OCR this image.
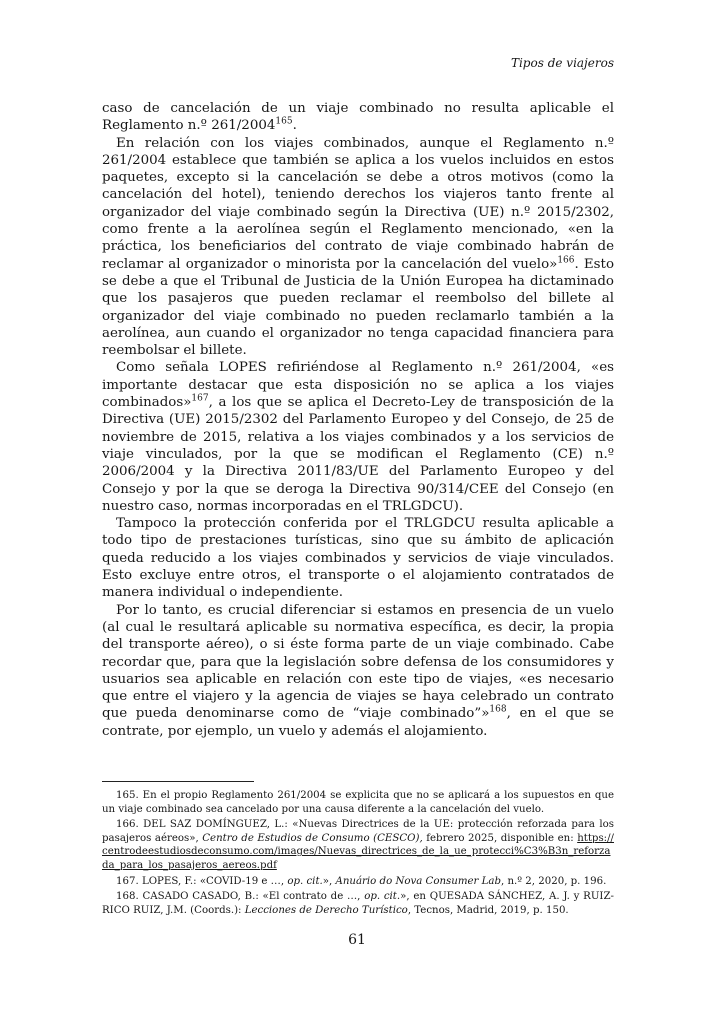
Tipos de viajeros

caso de cancelación de un viaje combinado no resulta aplicable el Reglamento n.º 261/2004$^{165}$.

En relación con los viajes combinados, aunque el Reglamento n.º 261/2004 establece que también se aplica a los vuelos incluidos en estos paquetes, excepto si la cancelación se debe a otros motivos (como la cancelación del hotel), teniendo derechos los viajeros tanto frente al organizador del viaje combinado según la Directiva (UE) n.º 2015/2302, como frente a la aerolínea según el Reglamento mencionado, «en la práctica, los beneficiarios del contrato de viaje combinado habrán de reclamar al organizador o minorista por la cancelación del vuelo»$^{166}$. Esto se debe a que el Tribunal de Justicia de la Unión Europea ha dictaminado que los pasajeros que pueden reclamar el reembolso del billete al organizador del viaje combinado no pueden reclamarlo también a la aerolínea, aun cuando el organizador no tenga capacidad financiera para reembolsar el billete.

Como señala LOPES refiriéndose al Reglamento n.º 261/2004, «es importante destacar que esta disposición no se aplica a los viajes combinados»$^{167}$, a los que se aplica el Decreto-Ley de transposición de la Directiva (UE) 2015/2302 del Parlamento Europeo y del Consejo, de 25 de noviembre de 2015, relativa a los viajes combinados y a los servicios de viaje vinculados, por la que se modifican el Reglamento (CE) n.º 2006/2004 y la Directiva 2011/83/UE del Parlamento Europeo y del Consejo y por la que se deroga la Directiva 90/314/CEE del Consejo (en nuestro caso, normas incorporadas en el TRLGDCU).

Tampoco la protección conferida por el TRLGDCU resulta aplicable a todo tipo de prestaciones turísticas, sino que su ámbito de aplicación queda reducido a los viajes combinados y servicios de viaje vinculados. Esto excluye entre otros, el transporte o el alojamiento contratados de manera individual o independiente.

Por lo tanto, es crucial diferenciar si estamos en presencia de un vuelo (al cual le resultará aplicable su normativa específica, es decir, la propia del transporte aéreo), o si éste forma parte de un viaje combinado. Cabe recordar que, para que la legislación sobre defensa de los consumidores y usuarios sea aplicable en relación con este tipo de viajes, «es necesario que entre el viajero y la agencia de viajes se haya celebrado un contrato que pueda denominarse como de “viaje combinado”»$^{168}$, en el que se contrate, por ejemplo, un vuelo y además el alojamiento.

165. En el propio Reglamento 261/2004 se explicita que no se aplicará a los supuestos en que un viaje combinado sea cancelado por una causa diferente a la cancelación del vuelo.

166. DEL SAZ DOMÍNGUEZ, L.: «Nuevas Directrices de la UE: protección reforzada para los pasajeros aéreos», Centro de Estudios de Consumo (CESCO), febrero 2025, disponible en: https://centrodeestudiosdeconsumo.com/images/Nuevas_directrices_de_la_ue_protecci%C3%B3n_reforzada_para_los_pasajeros_aereos.pdf

167. LOPES, F.: «COVID-19 e …, op. cit.», Anuário do Nova Consumer Lab, n.º 2, 2020, p. 196.

168. CASADO CASADO, B.: «El contrato de …, op. cit.», en QUESADA SÁNCHEZ, A. J. y RUIZ-RICO RUIZ, J.M. (Coords.): Lecciones de Derecho Turístico, Tecnos, Madrid, 2019, p. 150.

61
